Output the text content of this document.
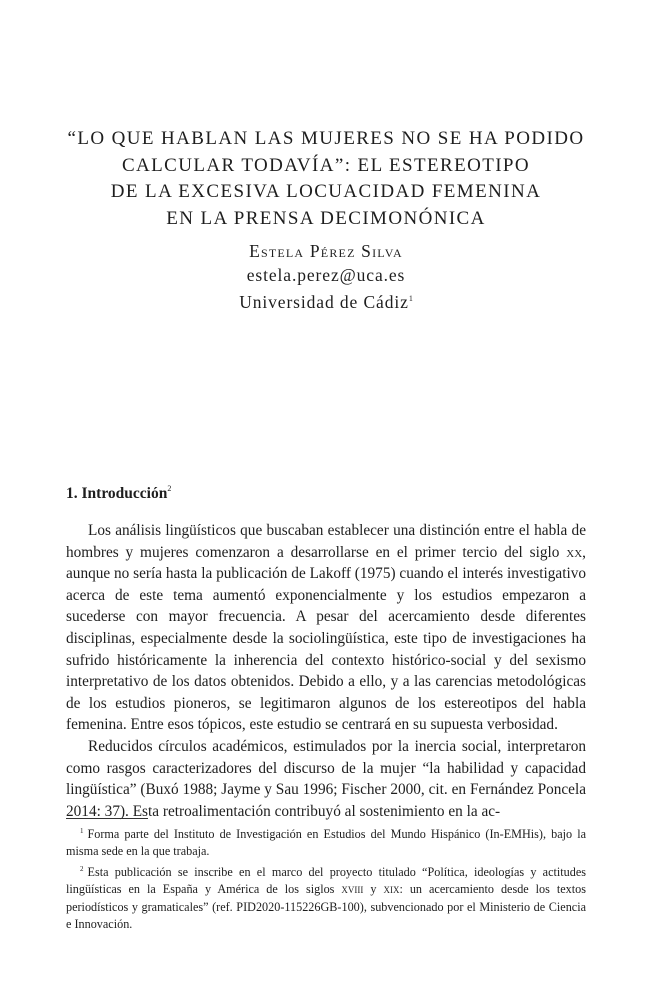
“LO QUE HABLAN LAS MUJERES NO SE HA PODIDO
CALCULAR TODAVÍA”: EL ESTEREOTIPO
DE LA EXCESIVA LOCUACIDAD FEMENINA
EN LA PRENSA DECIMONÓNICA
Estela Pérez Silva
estela.perez@uca.es
Universidad de Cádiz$^1$
1. Introducción$^2$

Los análisis lingüísticos que buscaban establecer una distinción entre el habla de hombres y mujeres comenzaron a desarrollarse en el primer tercio del siglo xx, aunque no sería hasta la publicación de Lakoff (1975) cuando el interés investigativo acerca de este tema aumentó exponencialmente y los estudios empezaron a sucederse con mayor frecuencia. A pesar del acercamiento desde diferentes disciplinas, especialmente desde la sociolingüística, este tipo de investigaciones ha sufrido históricamente la inherencia del contexto histórico-social y del sexismo interpretativo de los datos obtenidos. Debido a ello, y a las carencias metodológicas de los estudios pioneros, se legitimaron algunos de los estereotipos del habla femenina. Entre esos tópicos, este estudio se centrará en su supuesta verbosidad.

Reducidos círculos académicos, estimulados por la inercia social, interpretaron como rasgos caracterizadores del discurso de la mujer “la habilidad y capacidad lingüística” (Buxó 1988; Jayme y Sau 1996; Fischer 2000, cit. en Fernández Poncela 2014: 37). Esta retroalimentación contribuyó al sostenimiento en la ac-

$^1$ Forma parte del Instituto de Investigación en Estudios del Mundo Hispánico (In-EMHis), bajo la misma sede en la que trabaja.

$^2$ Esta publicación se inscribe en el marco del proyecto titulado “Política, ideologías y actitudes lingüísticas en la España y América de los siglos xviii y xix: un acercamiento desde los textos periodísticos y gramaticales” (ref. PID2020-115226GB-100), subvencionado por el Ministerio de Ciencia e Innovación.
